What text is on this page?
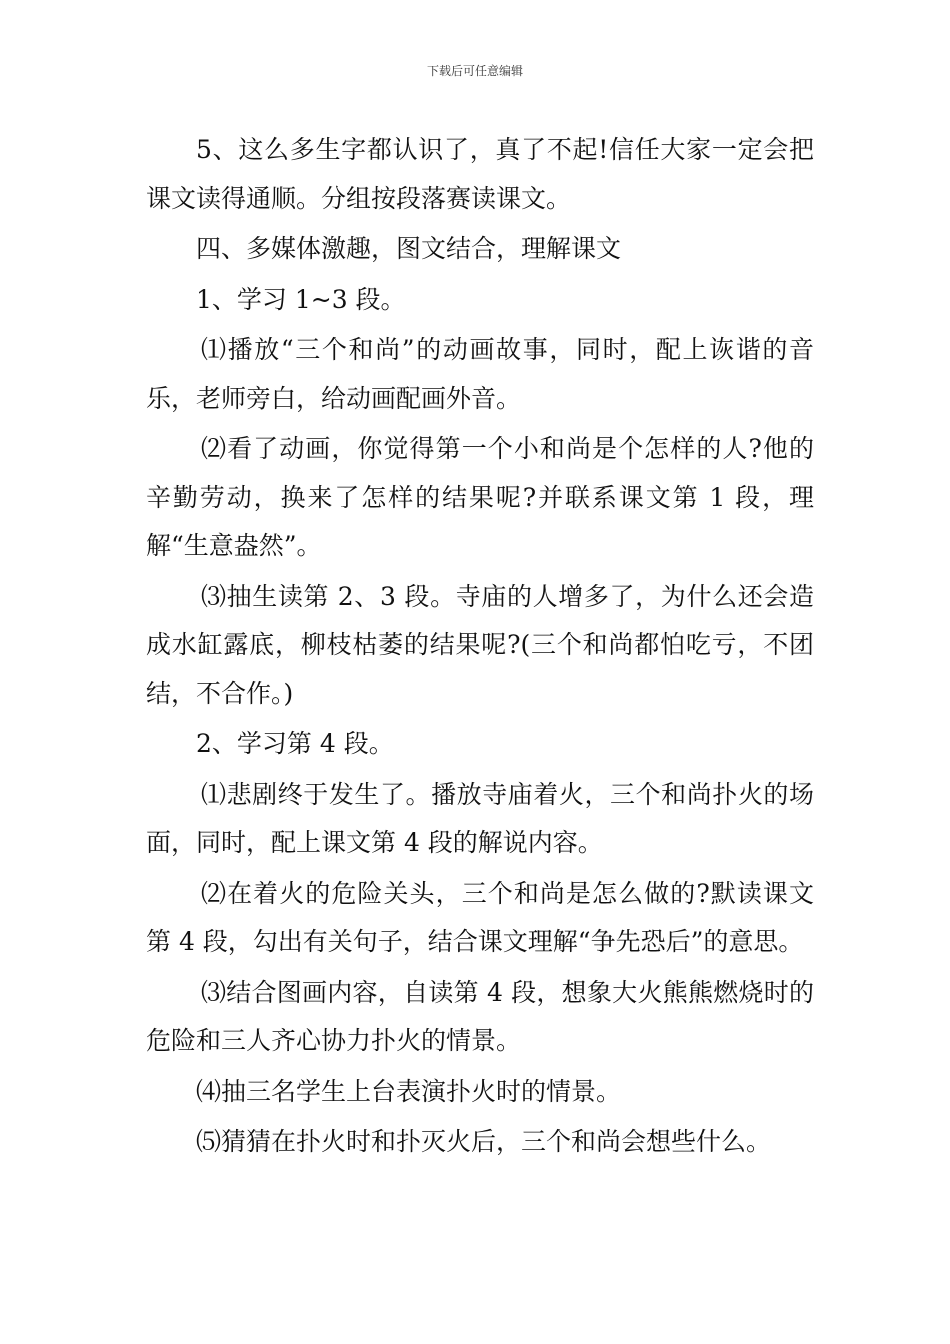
下载后可任意编辑

5、这么多生字都认识了，真了不起!信任大家一定会把课文读得通顺。分组按段落赛读课文。

四、多媒体激趣，图文结合，理解课文

1、学习 1~3 段。

⑴播放“三个和尚”的动画故事，同时，配上诙谐的音乐，老师旁白，给动画配画外音。

⑵看了动画，你觉得第一个小和尚是个怎样的人?他的辛勤劳动，换来了怎样的结果呢?并联系课文第 1 段，理解“生意盎然”。

⑶抽生读第 2、3 段。寺庙的人增多了，为什么还会造成水缸露底，柳枝枯萎的结果呢?(三个和尚都怕吃亏，不团结，不合作。)

2、学习第 4 段。

⑴悲剧终于发生了。播放寺庙着火，三个和尚扑火的场面，同时，配上课文第 4 段的解说内容。

⑵在着火的危险关头，三个和尚是怎么做的?默读课文第 4 段，勾出有关句子，结合课文理解“争先恐后”的意思。

⑶结合图画内容，自读第 4 段，想象大火熊熊燃烧时的危险和三人齐心协力扑火的情景。

⑷抽三名学生上台表演扑火时的情景。

⑸猜猜在扑火时和扑灭火后，三个和尚会想些什么。
